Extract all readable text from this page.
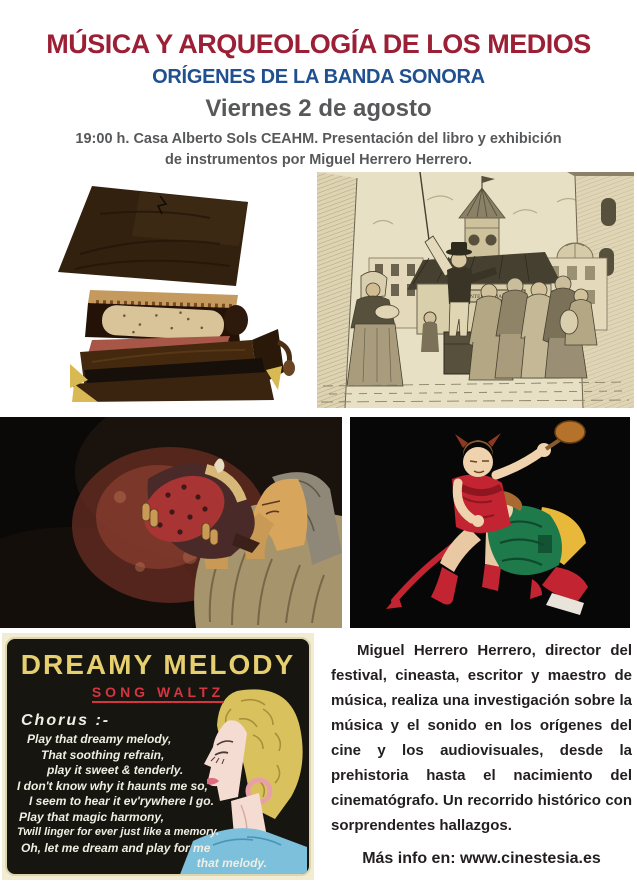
MÚSICA Y ARQUEOLOGÍA DE LOS MEDIOS
ORÍGENES DE LA BANDA SONORA
Viernes 2 de agosto

19:00 h. Casa Alberto Sols CEAHM. Presentación del libro y exhibición
de instrumentos por Miguel Herrero Herrero.

LANTERNA
DREAMY MELODY
SONG WALTZ
Chorus :-
Play that dreamy melody,
That soothing refrain,
play it sweet & tenderly.
I don't know why it haunts me so,
I seem to hear it ev'rywhere I go.
Play that magic harmony,
Twill linger for ever just like a memory.
Oh, let me dream and play for me
that melody.

Miguel Herrero Herrero, director del festival, cineasta, escritor y maestro de música, realiza una investigación sobre la música y el sonido en los orígenes del cine y los audiovisuales, desde la prehistoria hasta el nacimiento del cinematógrafo. Un recorrido histórico con sorprendentes hallazgos.

Más info en: www.cinestesia.es
